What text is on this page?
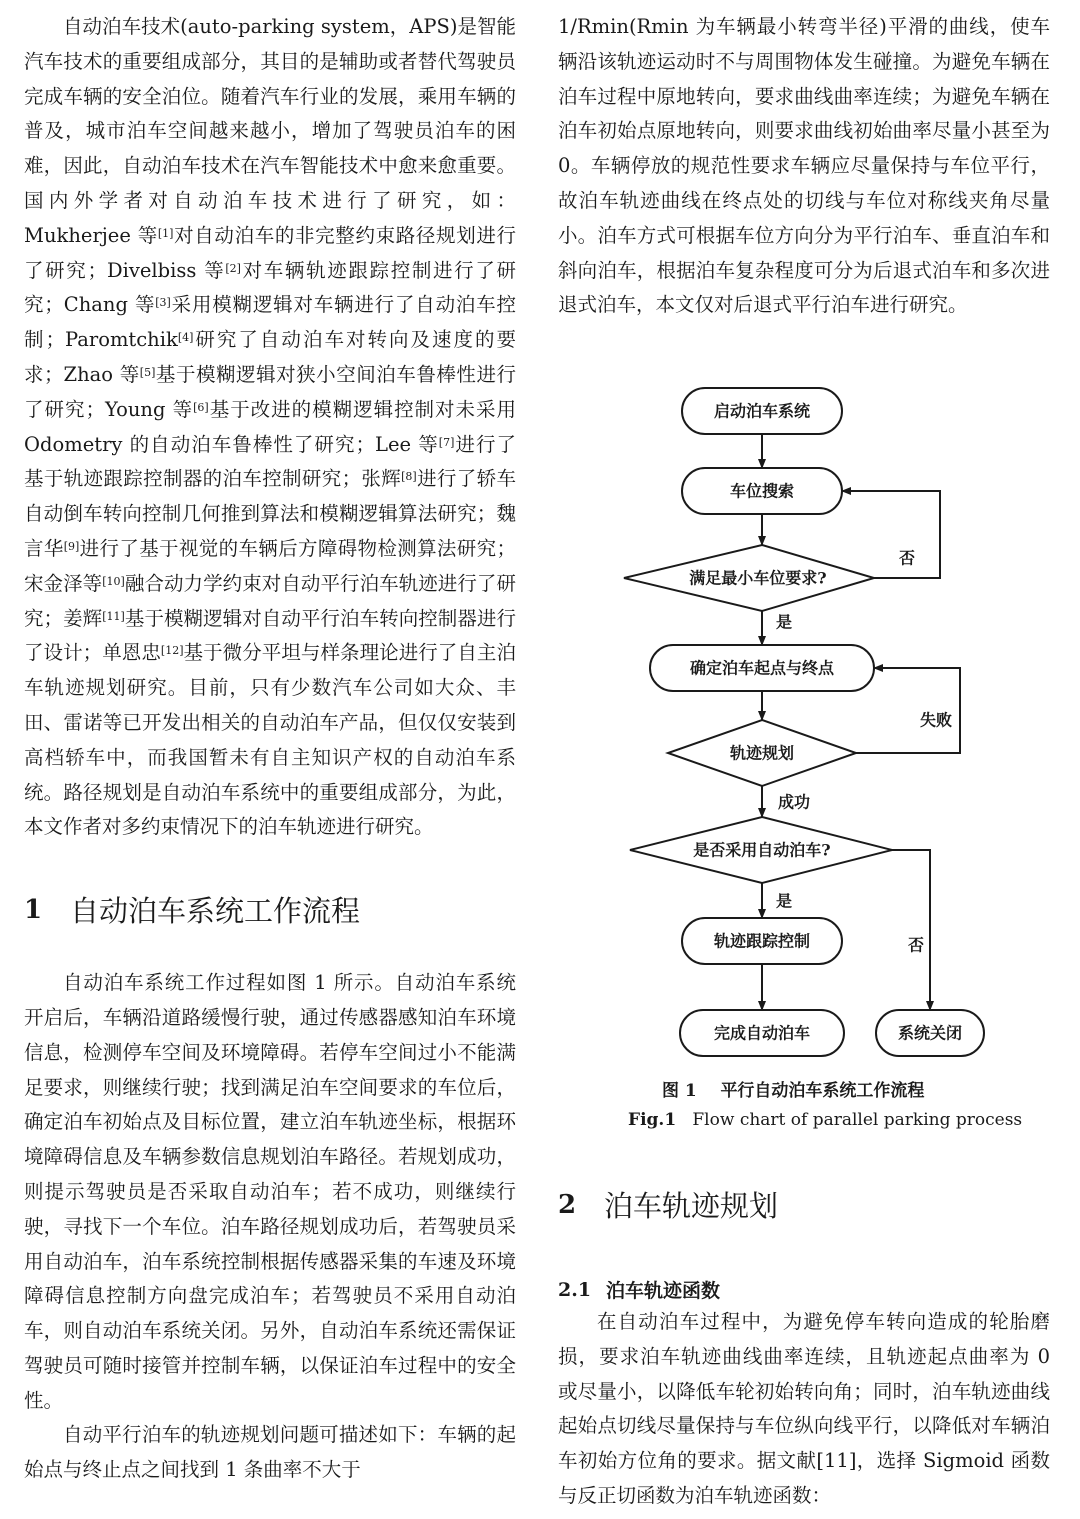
自动泊车技术(auto-parking system，APS)是智能汽车技术的重要组成部分，其目的是辅助或者替代驾驶员完成车辆的安全泊位。随着汽车行业的发展，乘用车辆的普及，城市泊车空间越来越小，增加了驾驶员泊车的困难，因此，自动泊车技术在汽车智能技术中愈来愈重要。国内外学者对自动泊车技术进行了研究，如：Mukherjee 等[1]对自动泊车的非完整约束路径规划进行了研究；Divelbiss 等[2]对车辆轨迹跟踪控制进行了研究；Chang 等[3]采用模糊逻辑对车辆进行了自动泊车控制；Paromtchik[4]研究了自动泊车对转向及速度的要求；Zhao 等[5]基于模糊逻辑对狭小空间泊车鲁棒性进行了研究；Young 等[6]基于改进的模糊逻辑控制对未采用 Odometry 的自动泊车鲁棒性了研究；Lee 等[7]进行了基于轨迹跟踪控制器的泊车控制研究；张辉[8]进行了轿车自动倒车转向控制几何推到算法和模糊逻辑算法研究；魏言华[9]进行了基于视觉的车辆后方障碍物检测算法研究；宋金泽等[10]融合动力学约束对自动平行泊车轨迹进行了研究；姜辉[11]基于模糊逻辑对自动平行泊车转向控制器进行了设计；单恩忠[12]基于微分平坦与样条理论进行了自主泊车轨迹规划研究。目前，只有少数汽车公司如大众、丰田、雷诺等已开发出相关的自动泊车产品，但仅仅安装到高档轿车中，而我国暂未有自主知识产权的自动泊车系统。路径规划是自动泊车系统中的重要组成部分，为此，本文作者对多约束情况下的泊车轨迹进行研究。

1 自动泊车系统工作流程

自动泊车系统工作过程如图 1 所示。自动泊车系统开启后，车辆沿道路缓慢行驶，通过传感器感知泊车环境信息，检测停车空间及环境障碍。若停车空间过小不能满足要求，则继续行驶；找到满足泊车空间要求的车位后，确定泊车初始点及目标位置，建立泊车轨迹坐标，根据环境障碍信息及车辆参数信息规划泊车路径。若规划成功，则提示驾驶员是否采取自动泊车；若不成功，则继续行驶，寻找下一个车位。泊车路径规划成功后，若驾驶员采用自动泊车，泊车系统控制根据传感器采集的车速及环境障碍信息控制方向盘完成泊车；若驾驶员不采用自动泊车，则自动泊车系统关闭。另外，自动泊车系统还需保证驾驶员可随时接管并控制车辆，以保证泊车过程中的安全性。

自动平行泊车的轨迹规划问题可描述如下：车辆的起始点与终止点之间找到 1 条曲率不大于

1/Rmin(Rmin 为车辆最小转弯半径)平滑的曲线，使车辆沿该轨迹运动时不与周围物体发生碰撞。为避免车辆在泊车过程中原地转向，要求曲线曲率连续；为避免车辆在泊车初始点原地转向，则要求曲线初始曲率尽量小甚至为 0。车辆停放的规范性要求车辆应尽量保持与车位平行，故泊车轨迹曲线在终点处的切线与车位对称线夹角尽量小。泊车方式可根据车位方向分为平行泊车、垂直泊车和斜向泊车，根据泊车复杂程度可分为后退式泊车和多次进退式泊车，本文仅对后退式平行泊车进行研究。

启动泊车系统
车位搜索
满足最小车位要求?
确定泊车起点与终点
轨迹规划
是否采用自动泊车?
轨迹跟踪控制
完成自动泊车	系统关闭
否
是
失败
成功
是
否
图 1 平行自动泊车系统工作流程
Fig.1 Flow chart of parallel parking process
2 泊车轨迹规划
2.1 泊车轨迹函数

在自动泊车过程中，为避免停车转向造成的轮胎磨损，要求泊车轨迹曲线曲率连续，且轨迹起点曲率为 0 或尽量小，以降低车轮初始转向角；同时，泊车轨迹曲线起始点切线尽量保持与车位纵向线平行，以降低对车辆泊车初始方位角的要求。据文献[11]，选择 Sigmoid 函数与反正切函数为泊车轨迹函数：
